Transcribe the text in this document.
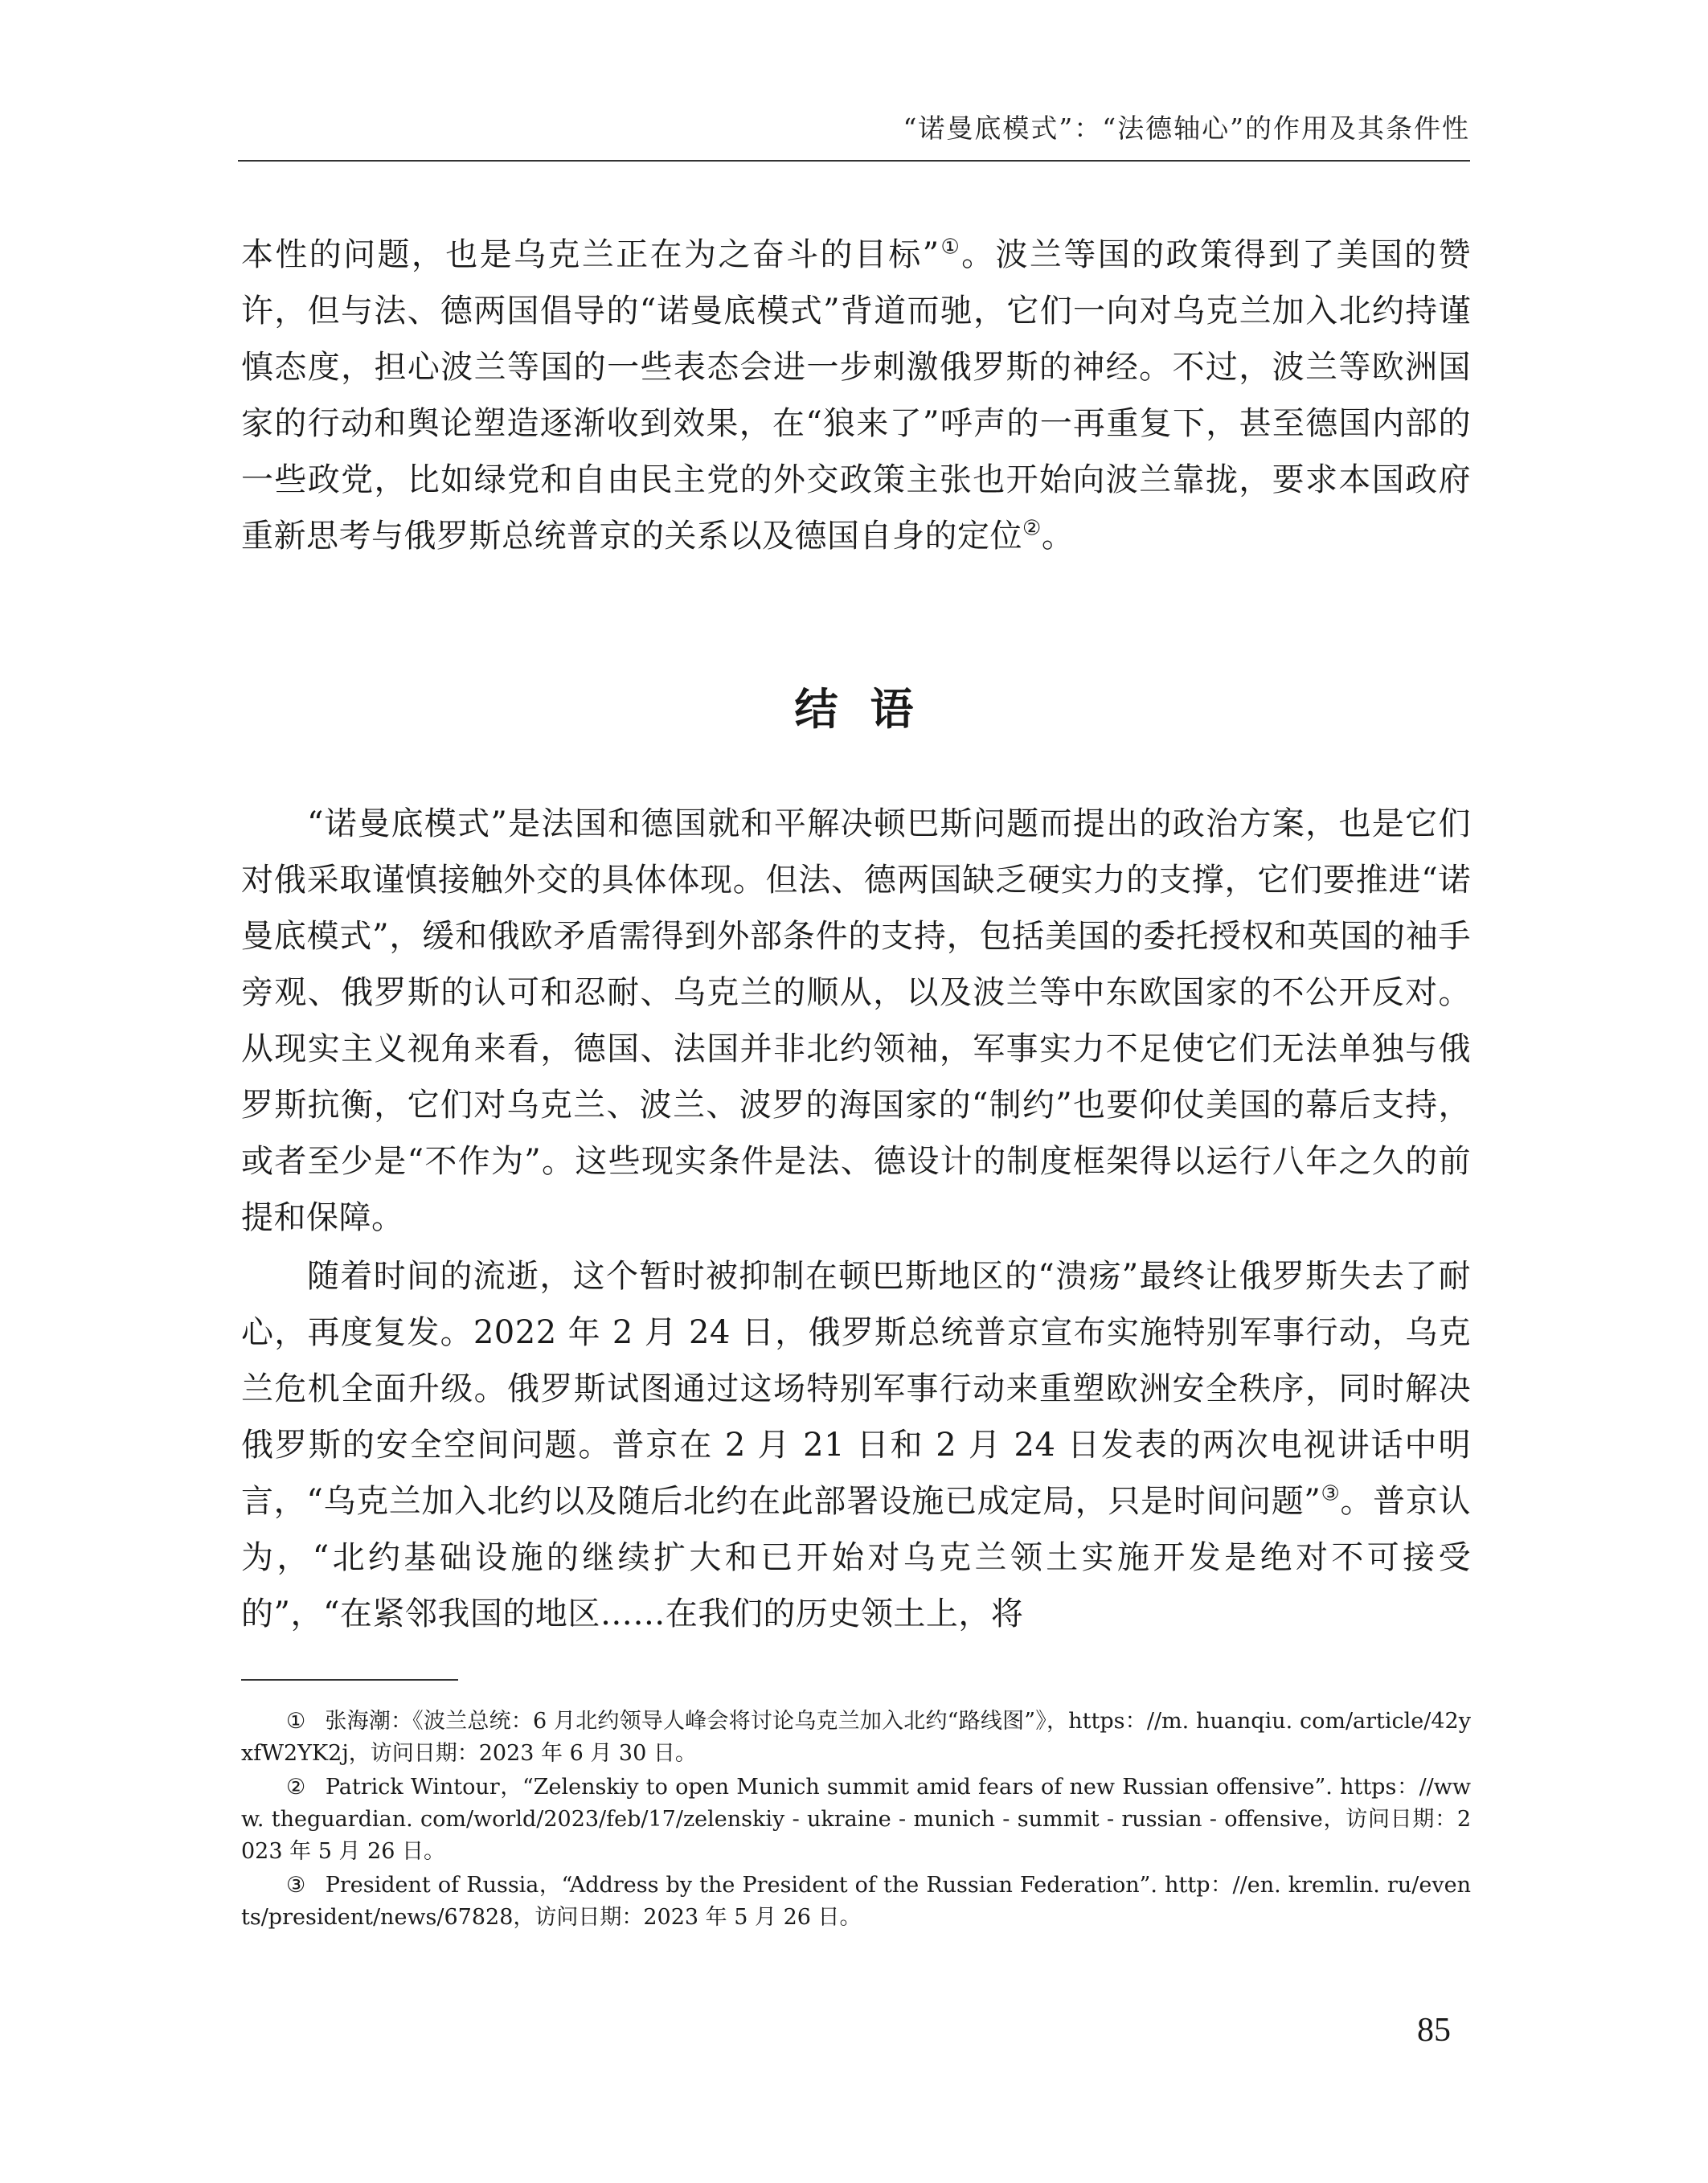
“诺曼底模式”：“法德轴心”的作用及其条件性
本性的问题，也是乌克兰正在为之奋斗的目标”①。波兰等国的政策得到了美国的赞许，但与法、德两国倡导的“诺曼底模式”背道而驰，它们一向对乌克兰加入北约持谨慎态度，担心波兰等国的一些表态会进一步刺激俄罗斯的神经。不过，波兰等欧洲国家的行动和舆论塑造逐渐收到效果，在“狼来了”呼声的一再重复下，甚至德国内部的一些政党，比如绿党和自由民主党的外交政策主张也开始向波兰靠拢，要求本国政府重新思考与俄罗斯总统普京的关系以及德国自身的定位②。
结语
“诺曼底模式”是法国和德国就和平解决顿巴斯问题而提出的政治方案，也是它们对俄采取谨慎接触外交的具体体现。但法、德两国缺乏硬实力的支撑，它们要推进“诺曼底模式”，缓和俄欧矛盾需得到外部条件的支持，包括美国的委托授权和英国的袖手旁观、俄罗斯的认可和忍耐、乌克兰的顺从，以及波兰等中东欧国家的不公开反对。从现实主义视角来看，德国、法国并非北约领袖，军事实力不足使它们无法单独与俄罗斯抗衡，它们对乌克兰、波兰、波罗的海国家的“制约”也要仰仗美国的幕后支持，或者至少是“不作为”。这些现实条件是法、德设计的制度框架得以运行八年之久的前提和保障。
随着时间的流逝，这个暂时被抑制在顿巴斯地区的“溃疡”最终让俄罗斯失去了耐心，再度复发。2022 年 2 月 24 日，俄罗斯总统普京宣布实施特别军事行动，乌克兰危机全面升级。俄罗斯试图通过这场特别军事行动来重塑欧洲安全秩序，同时解决俄罗斯的安全空间问题。普京在 2 月 21 日和 2 月 24 日发表的两次电视讲话中明言，“乌克兰加入北约以及随后北约在此部署设施已成定局，只是时间问题”③。普京认为，“北约基础设施的继续扩大和已开始对乌克兰领土实施开发是绝对不可接受的”，“在紧邻我国的地区……在我们的历史领土上，将

① 张海潮：《波兰总统：6 月北约领导人峰会将讨论乌克兰加入北约“路线图”》，https：//m. huanqiu. com/article/42yxfW2YK2j，访问日期：2023 年 6 月 30 日。

② Patrick Wintour，“Zelenskiy to open Munich summit amid fears of new Russian offensive”. https：//www. theguardian. com/world/2023/feb/17/zelenskiy - ukraine - munich - summit - russian - offensive，访问日期：2023 年 5 月 26 日。

③ President of Russia，“Address by the President of the Russian Federation”. http：//en. kremlin. ru/events/president/news/67828，访问日期：2023 年 5 月 26 日。

85
